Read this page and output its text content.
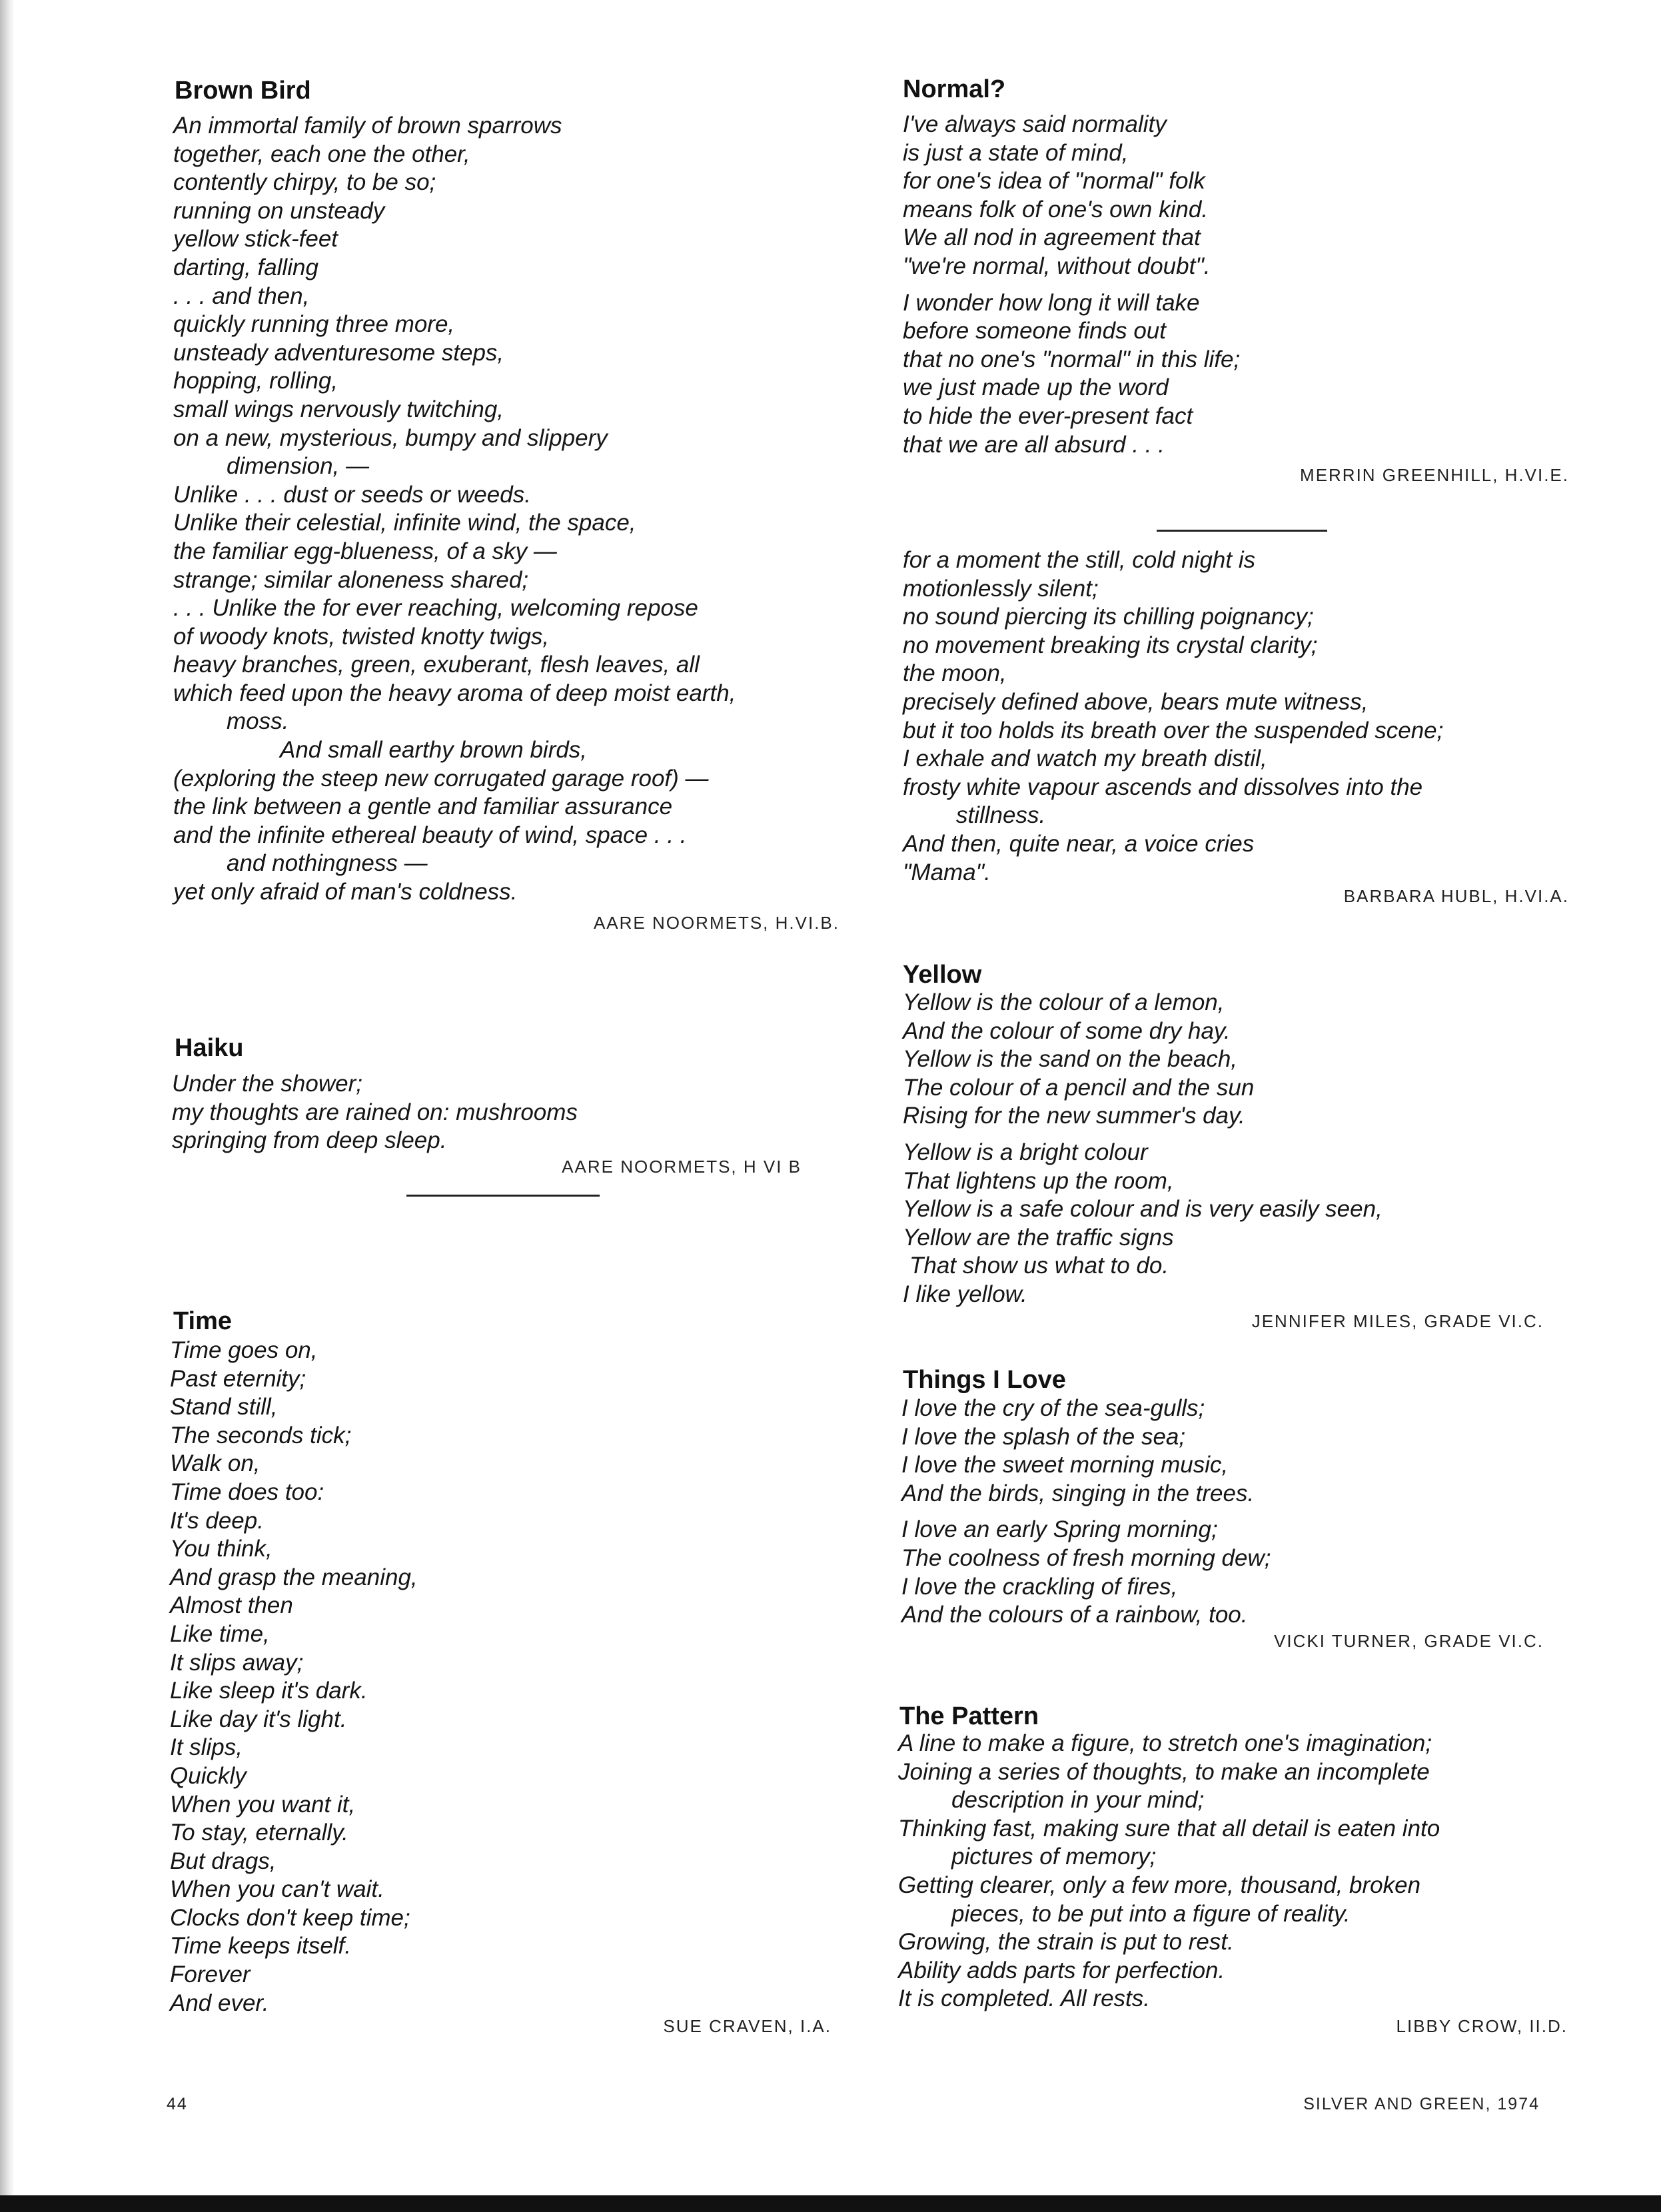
Brown Bird
An immortal family of brown sparrows
together, each one the other,
contently chirpy, to be so;
running on unsteady
yellow stick-feet
darting, falling
. . . and then,
quickly running three more,
unsteady adventuresome steps,
hopping, rolling,
small wings nervously twitching,
on a new, mysterious, bumpy and slippery
dimension, —
Unlike . . . dust or seeds or weeds.
Unlike their celestial, infinite wind, the space,
the familiar egg-blueness, of a sky —
strange; similar aloneness shared;
. . . Unlike the for ever reaching, welcoming repose
of woody knots, twisted knotty twigs,
heavy branches, green, exuberant, flesh leaves, all
which feed upon the heavy aroma of deep moist earth,
moss.
And small earthy brown birds,
(exploring the steep new corrugated garage roof) —
the link between a gentle and familiar assurance
and the infinite ethereal beauty of wind, space . . .
and nothingness —
yet only afraid of man's coldness.
AARE NOORMETS, H.VI.B.
Haiku
Under the shower;
my thoughts are rained on: mushrooms
springing from deep sleep.
AARE NOORMETS, H VI B
Time
Time goes on,
Past eternity;
Stand still,
The seconds tick;
Walk on,
Time does too:
It's deep.
You think,
And grasp the meaning,
Almost then
Like time,
It slips away;
Like sleep it's dark.
Like day it's light.
It slips,
Quickly
When you want it,
To stay, eternally.
But drags,
When you can't wait.
Clocks don't keep time;
Time keeps itself.
Forever
And ever.
SUE CRAVEN, I.A.
Normal?
I've always said normality
is just a state of mind,
for one's idea of "normal" folk
means folk of one's own kind.
We all nod in agreement that
"we're normal, without doubt".
I wonder how long it will take
before someone finds out
that no one's "normal" in this life;
we just made up the word
to hide the ever-present fact
that we are all absurd . . .
MERRIN GREENHILL, H.VI.E.
for a moment the still, cold night is
motionlessly silent;
no sound piercing its chilling poignancy;
no movement breaking its crystal clarity;
the moon,
precisely defined above, bears mute witness,
but it too holds its breath over the suspended scene;
I exhale and watch my breath distil,
frosty white vapour ascends and dissolves into the
stillness.
And then, quite near, a voice cries
"Mama".
BARBARA HUBL, H.VI.A.
Yellow
Yellow is the colour of a lemon,
And the colour of some dry hay.
Yellow is the sand on the beach,
The colour of a pencil and the sun
Rising for the new summer's day.
Yellow is a bright colour
That lightens up the room,
Yellow is a safe colour and is very easily seen,
Yellow are the traffic signs
That show us what to do.
I like yellow.
JENNIFER MILES, GRADE VI.C.
Things I Love
I love the cry of the sea-gulls;
I love the splash of the sea;
I love the sweet morning music,
And the birds, singing in the trees.
I love an early Spring morning;
The coolness of fresh morning dew;
I love the crackling of fires,
And the colours of a rainbow, too.
VICKI TURNER, GRADE VI.C.
The Pattern
A line to make a figure, to stretch one's imagination;
Joining a series of thoughts, to make an incomplete
description in your mind;
Thinking fast, making sure that all detail is eaten into
pictures of memory;
Getting clearer, only a few more, thousand, broken
pieces, to be put into a figure of reality.
Growing, the strain is put to rest.
Ability adds parts for perfection.
It is completed. All rests.
LIBBY CROW, II.D.
44	SILVER AND GREEN, 1974
